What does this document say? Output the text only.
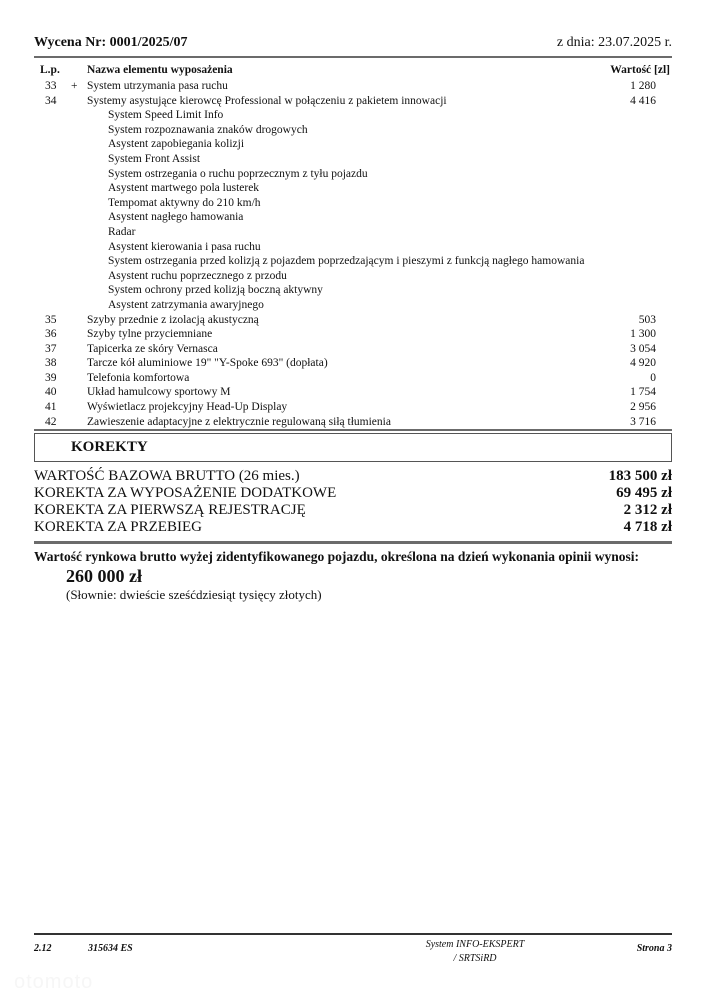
Wycena Nr: 0001/2025/07	z dnia: 23.07.2025 r.
L.p. Nazwa elementu wyposażenia	Wartość [zl]
33	+ System utrzymania pasa ruchu	1 280
34	Systemy asystujące kierowcę Professional w połączeniu z pakietem innowacji	4 416
System Speed Limit Info
System rozpoznawania znaków drogowych
Asystent zapobiegania kolizji
System Front Assist
System ostrzegania o ruchu poprzecznym z tyłu pojazdu
Asystent martwego pola lusterek
Tempomat aktywny do 210 km/h
Asystent nagłego hamowania
Radar
Asystent kierowania i pasa ruchu
System ostrzegania przed kolizją z pojazdem poprzedzającym i pieszymi z funkcją nagłego hamowania
Asystent ruchu poprzecznego z przodu
System ochrony przed kolizją boczną aktywny
Asystent zatrzymania awaryjnego
35	Szyby przednie z izolacją akustyczną	503
36	Szyby tylne przyciemniane	1 300
37	Tapicerka ze skóry Vernasca	3 054
38	Tarcze kół aluminiowe 19" "Y-Spoke 693" (dopłata)	4 920
39	Telefonia komfortowa	0
40	Układ hamulcowy sportowy M	1 754
41	Wyświetlacz projekcyjny Head-Up Display	2 956
42	Zawieszenie adaptacyjne z elektrycznie regulowaną siłą tłumienia	3 716
KOREKTY
WARTOŚĆ BAZOWA BRUTTO (26 mies.)	183 500 zł
KOREKTA ZA WYPOSAŻENIE DODATKOWE	69 495 zł
KOREKTA ZA PIERWSZĄ REJESTRACJĘ	2 312 zł
KOREKTA ZA PRZEBIEG	4 718 zł
Wartość rynkowa brutto wyżej zidentyfikowanego pojazdu, określona na dzień wykonania opinii wynosi:
260 000 zł
(Słownie: dwieście sześćdziesiąt tysięcy złotych)
2.12	315634 ES	System INFO-EKSPERT
/ SRTSiRD
Strona 3
otomoto
